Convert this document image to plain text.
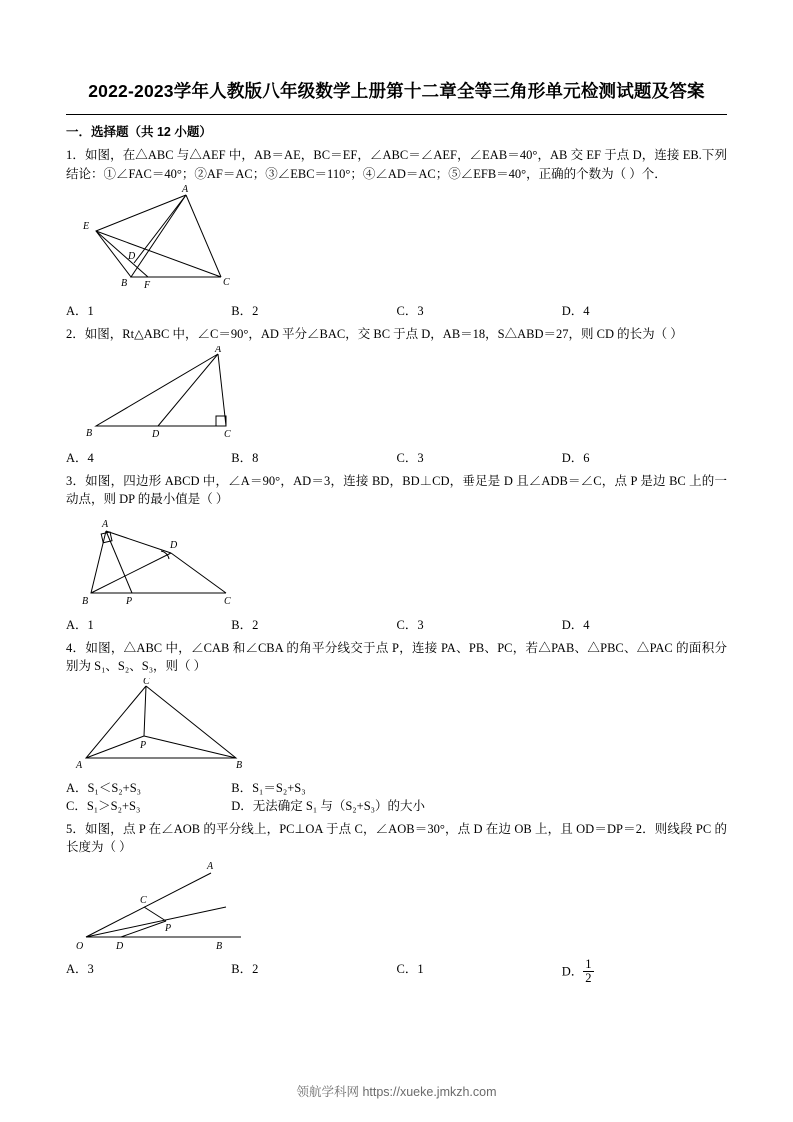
2022-2023学年人教版八年级数学上册第十二章全等三角形单元检测试题及答案
一．选择题（共 12 小题）
1．如图，在△ABC 与△AEF 中，AB＝AE，BC＝EF，∠ABC＝∠AEF，∠EAB＝40°，AB 交 EF 于点 D，连接 EB.下列结论：①∠FAC＝40°；②AF＝AC；③∠EBC＝110°；④∠AD＝AC；⑤∠EFB＝40°，正确的个数为（ ）个．
A
E
D
B F	C
A．1	B．2	C．3	D．4
2．如图，Rt△ABC 中，∠C＝90°，AD 平分∠BAC，交 BC 于点 D，AB＝18，S△ABD＝27，则 CD 的长为（ ）
A
B	D	C
A．4	B．8	C．3	D．6
3．如图，四边形 ABCD 中，∠A＝90°，AD＝3，连接 BD，BD⊥CD，垂足是 D 且∠ADB＝∠C，点 P 是边 BC 上的一动点，则 DP 的最小值是（ ）
A
D
B	P	C
A．1	B．2	C．3	D．4
4．如图，△ABC 中，∠CAB 和∠CBA 的角平分线交于点 P，连接 PA、PB、PC，若△PAB、△PBC、△PAC 的面积分别为 S₁、S₂、S₃，则（ ）
C
P
A	B
A．S₁＜S₂+S₃	B．S₁＝S₂+S₃
C．S₁＞S₂+S₃	D．无法确定 S₁ 与（S₂+S₃）的大小
5．如图，点 P 在∠AOB 的平分线上，PC⊥OA 于点 C，∠AOB＝30°，点 D 在边 OB 上，且 OD＝DP＝2．则线段 PC 的长度为（ ）
A
C
P
O	D	B
A．3	B．2	C．1	D． $\frac{1}{2}$
领航学科网 https://xueke.jmkzh.com
